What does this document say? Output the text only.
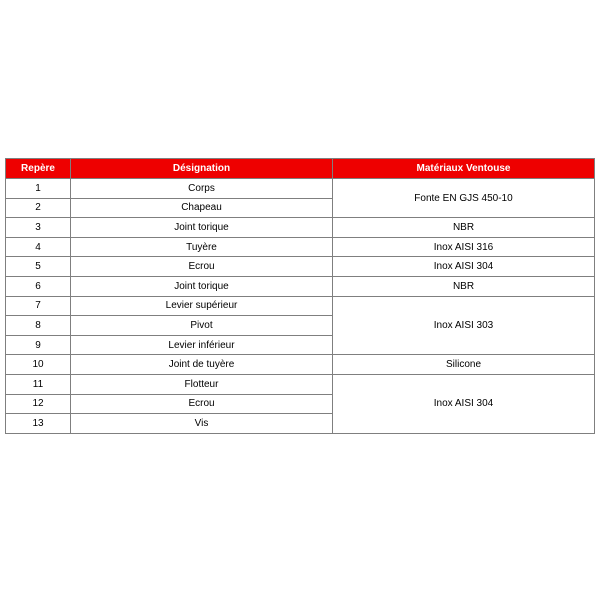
Repère	Désignation	Matériaux Ventouse
1	Corps	Fonte EN GJS 450-10
2	Chapeau	
3	Joint torique	NBR
4	Tuyère	Inox AISI 316
5	Ecrou	Inox AISI 304
6	Joint torique	NBR
7	Levier supérieur	Inox AISI 303
8	Pivot	
9	Levier inférieur	
10	Joint de tuyère	Silicone
11	Flotteur	Inox AISI 304
12	Ecrou	
13	Vis	
